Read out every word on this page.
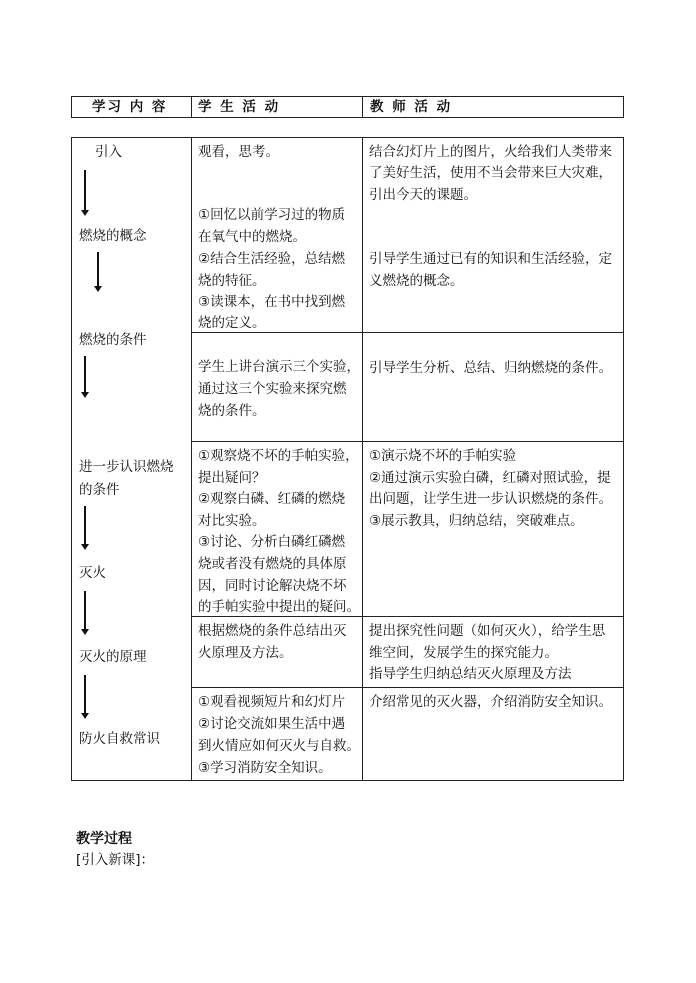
学习 内 容 学 生 活 动	教 师 活 动
引入
燃烧的概念
燃烧的条件
进一步认识燃烧
的条件
灭火
灭火的原理
防火自救常识
观看，思考。
①回忆以前学习过的物质
在氧气中的燃烧。
②结合生活经验，总结燃
烧的特征。
③读课本，在书中找到燃
烧的定义。
学生上讲台演示三个实验，
通过这三个实验来探究燃
烧的条件。
①观察烧不坏的手帕实验，
提出疑问？
②观察白磷、红磷的燃烧
对比实验。
③讨论、分析白磷红磷燃
烧或者没有燃烧的具体原
因，同时讨论解决烧不坏
的手帕实验中提出的疑问。
根据燃烧的条件总结出灭
火原理及方法。
①观看视频短片和幻灯片
②讨论交流如果生活中遇
到火情应如何灭火与自救。
③学习消防安全知识。
结合幻灯片上的图片，火给我们人类带来
了美好生活，使用不当会带来巨大灾难，
引出今天的课题。
引导学生通过已有的知识和生活经验，定
义燃烧的概念。
引导学生分析、总结、归纳燃烧的条件。
①演示烧不坏的手帕实验
②通过演示实验白磷，红磷对照试验，提
出问题，让学生进一步认识燃烧的条件。
③展示教具，归纳总结，突破难点。
提出探究性问题（如何灭火），给学生思
维空间，发展学生的探究能力。
指导学生归纳总结灭火原理及方法
介绍常见的灭火器，介绍消防安全知识。
教学过程
[引入新课]：
